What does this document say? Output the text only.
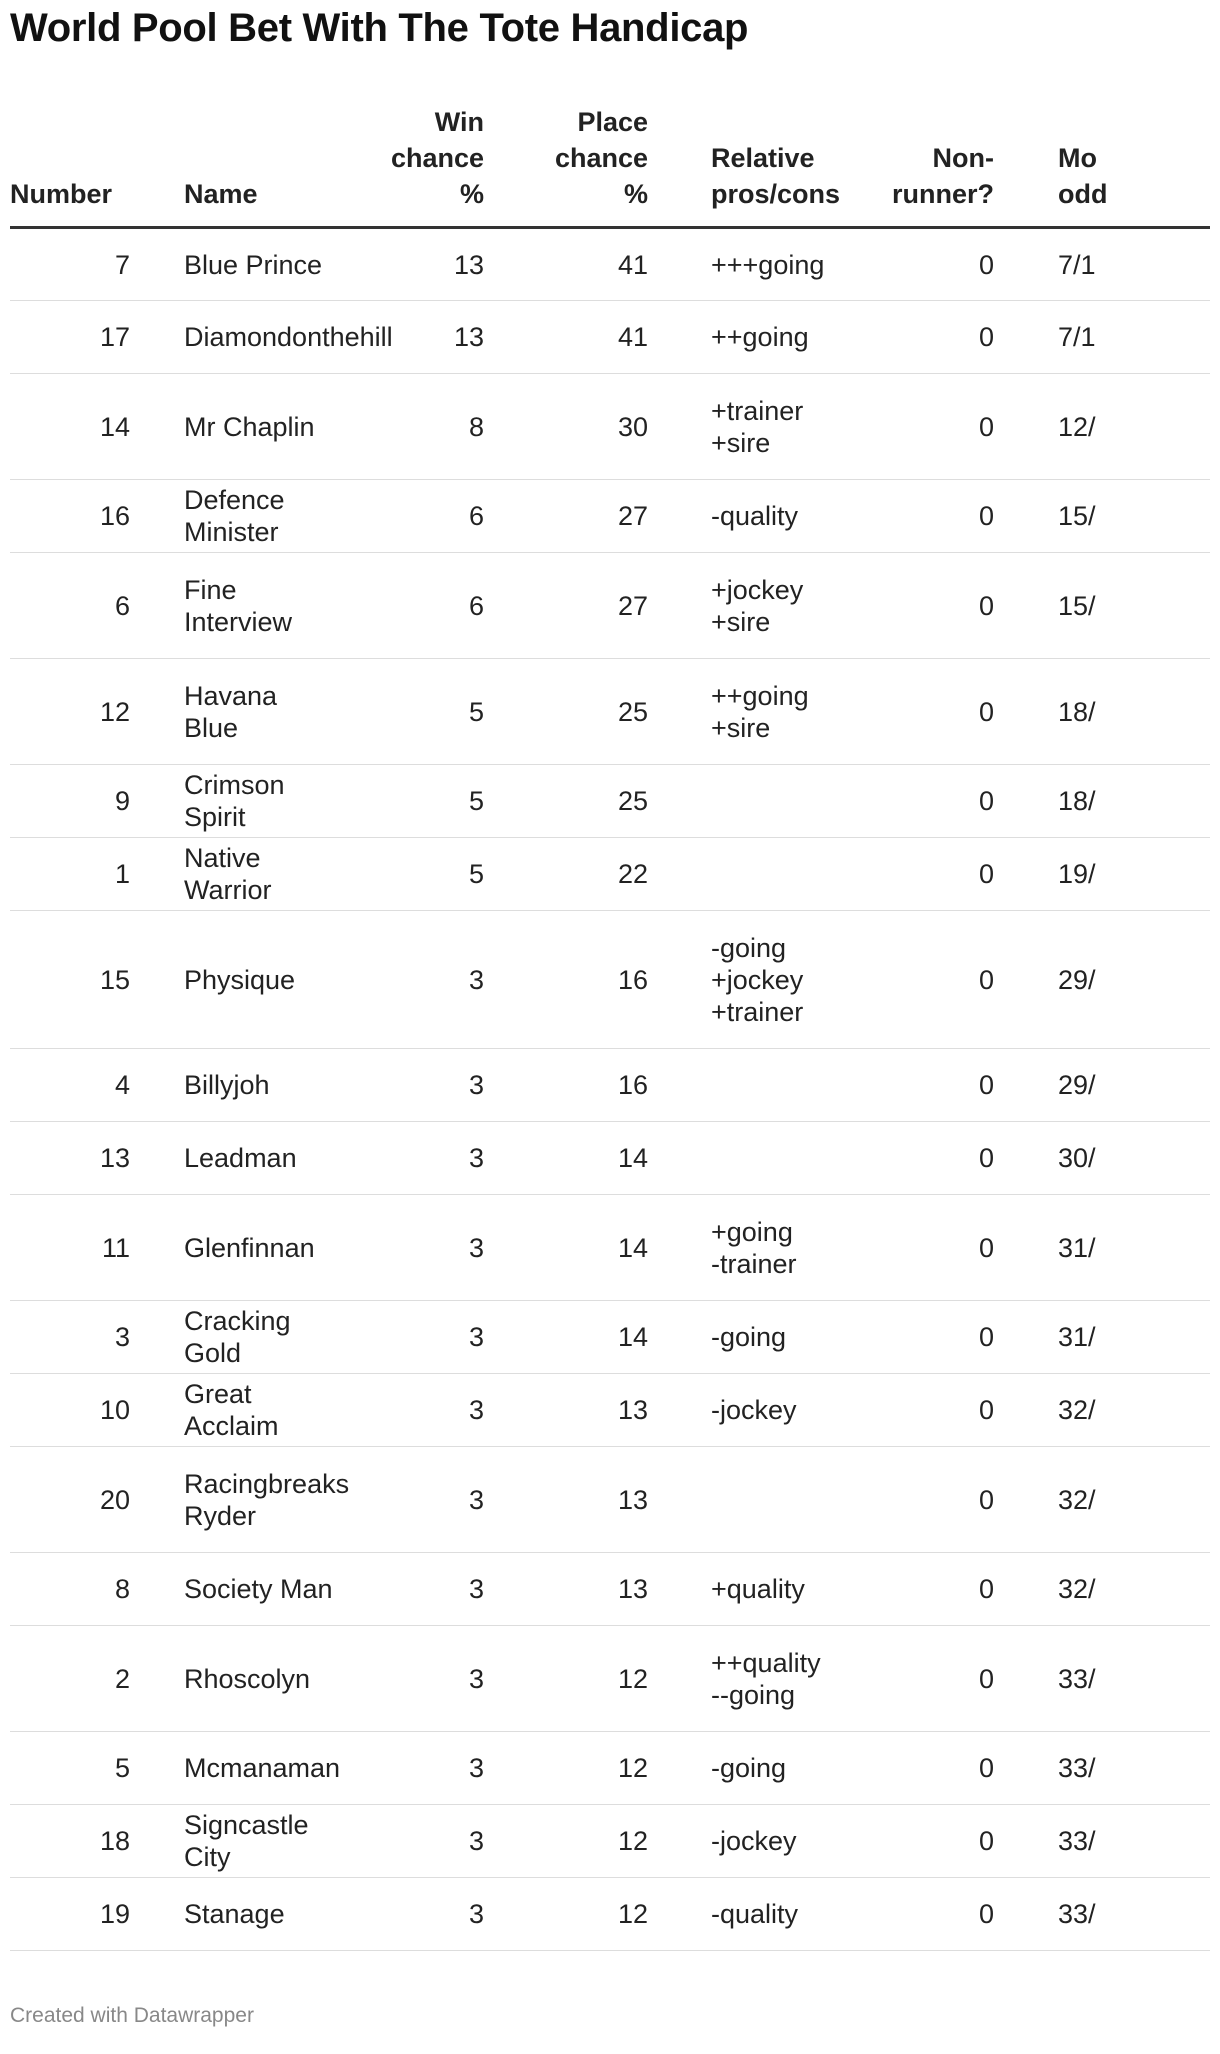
World Pool Bet With The Tote Handicap
Number	Name	Win
chance
%	Place
chance
%	Relative
pros/cons	Non-
runner?	Mo
odd
7	Blue Prince	13	41	+++going	0	7/1
17	Diamondonthehill	13	41	++going	0	7/1
14	Mr Chaplin	8	30	+trainer
+sire	0	12/
16	Defence Minister	6	27	-quality	0	15/
6	Fine Interview	6	27	+jockey
+sire	0	15/
12	Havana Blue	5	25	++going
+sire	0	18/
9	Crimson Spirit	5	25		0	18/
1	Native Warrior	5	22		0	19/
15	Physique	3	16	-going
+jockey
+trainer	0	29/
4	Billyjoh	3	16		0	29/
13	Leadman	3	14		0	30/
11	Glenfinnan	3	14	+going
-trainer	0	31/
3	Cracking Gold	3	14	-going	0	31/
10	Great Acclaim	3	13	-jockey	0	32/
20	Racingbreaks
Ryder	3	13		0	32/
8	Society Man	3	13	+quality	0	32/
2	Rhoscolyn	3	12	++quality
--going	0	33/
5	Mcmanaman	3	12	-going	0	33/
18	Signcastle City	3	12	-jockey	0	33/
19	Stanage	3	12	-quality	0	33/
Created with Datawrapper
